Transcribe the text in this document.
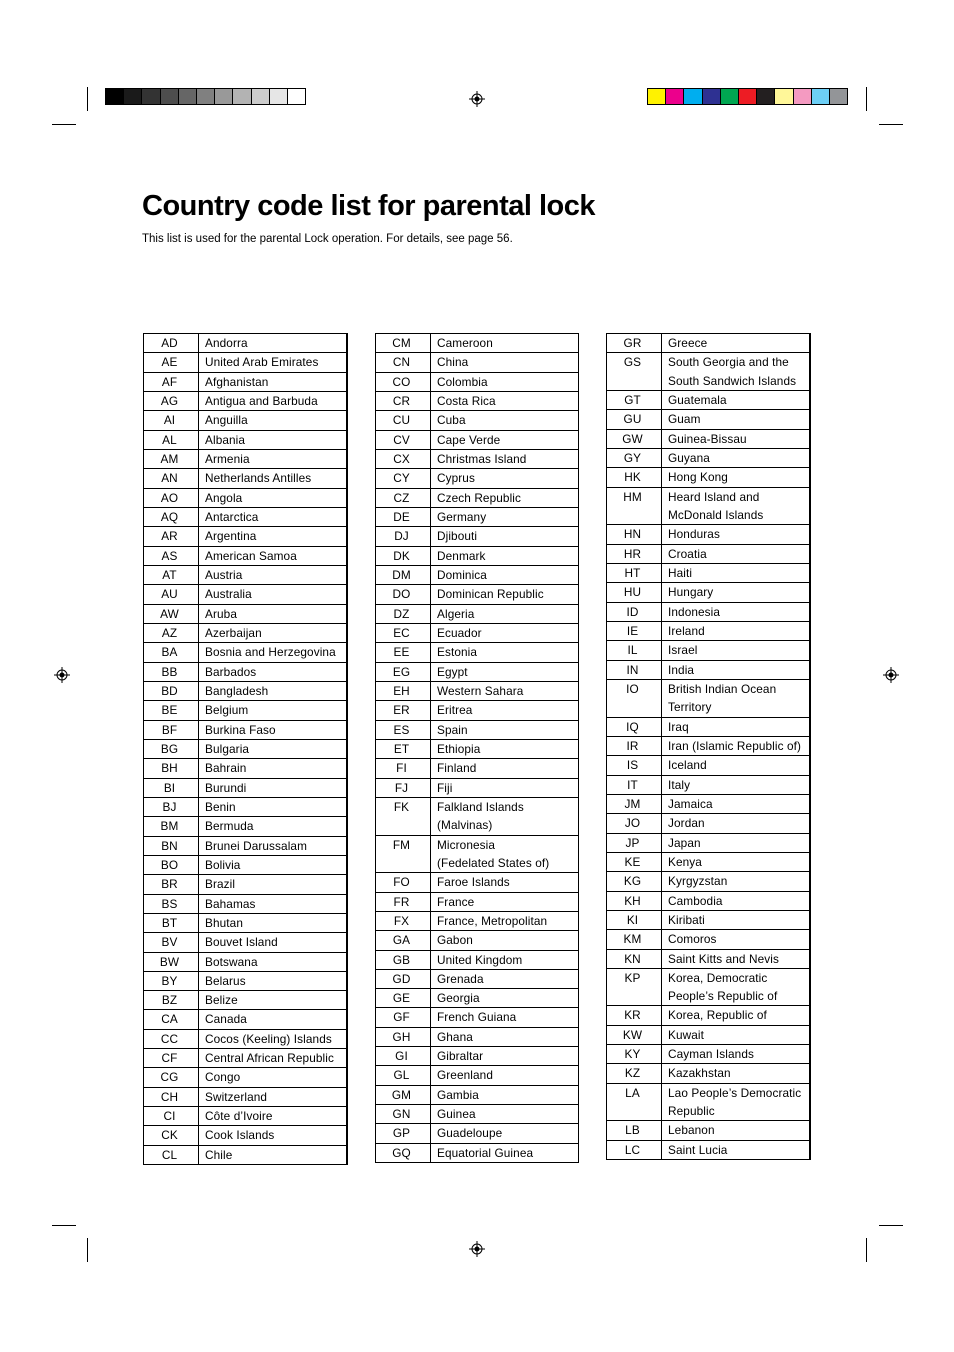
Country code list for parental lock

This list is used for the parental Lock operation. For details, see page 56.

AD	Andorra

AE	United Arab Emirates

AF	Afghanistan

AG	Antigua and Barbuda

AI	Anguilla

AL	Albania

AM	Armenia

AN	Netherlands Antilles

AO	Angola

AQ	Antarctica

AR	Argentina

AS	American Samoa

AT	Austria

AU	Australia

AW	Aruba

AZ	Azerbaijan

BA	Bosnia and Herzegovina

BB	Barbados

BD	Bangladesh

BE	Belgium

BF	Burkina Faso

BG	Bulgaria

BH	Bahrain

BI	Burundi

BJ	Benin

BM	Bermuda

BN	Brunei Darussalam

BO	Bolivia

BR	Brazil

BS	Bahamas

BT	Bhutan

BV	Bouvet Island

BW	Botswana

BY	Belarus

BZ	Belize

CA	Canada

CC	Cocos (Keeling) Islands

CF	Central African Republic

CG	Congo

CH	Switzerland

CI	Côte d’Ivoire

CK	Cook Islands

CL	Chile
CM	Cameroon

CN	China

CO	Colombia

CR	Costa Rica

CU	Cuba

CV	Cape Verde

CX	Christmas Island

CY	Cyprus

CZ	Czech Republic

DE	Germany

DJ	Djibouti

DK	Denmark

DM	Dominica

DO	Dominican Republic

DZ	Algeria

EC	Ecuador

EE	Estonia

EG	Egypt

EH	Western Sahara

ER	Eritrea

ES	Spain

ET	Ethiopia

FI	Finland

FJ	Fiji

FK	Falkland Islands
(Malvinas)

FM	Micronesia
(Fedelated States of)

FO	Faroe Islands

FR	France

FX	France, Metropolitan

GA	Gabon

GB	United Kingdom

GD	Grenada

GE	Georgia

GF	French Guiana

GH	Ghana

GI	Gibraltar

GL	Greenland

GM	Gambia

GN	Guinea

GP	Guadeloupe

GQ	Equatorial Guinea
GR	Greece

GS	South Georgia and the
South Sandwich Islands

GT	Guatemala

GU	Guam

GW	Guinea-Bissau

GY	Guyana

HK	Hong Kong

HM	Heard Island and
McDonald Islands

HN	Honduras

HR	Croatia

HT	Haiti

HU	Hungary

ID	Indonesia

IE	Ireland

IL	Israel

IN	India

IO	British Indian Ocean
Territory

IQ	Iraq

IR	Iran (Islamic Republic of)

IS	Iceland

IT	Italy

JM	Jamaica

JO	Jordan

JP	Japan

KE	Kenya

KG	Kyrgyzstan

KH	Cambodia

KI	Kiribati

KM	Comoros

KN	Saint Kitts and Nevis

KP	Korea, Democratic
People’s Republic of

KR	Korea, Republic of

KW	Kuwait

KY	Cayman Islands

KZ	Kazakhstan

LA	Lao People’s Democratic
Republic

LB	Lebanon

LC	Saint Lucia
